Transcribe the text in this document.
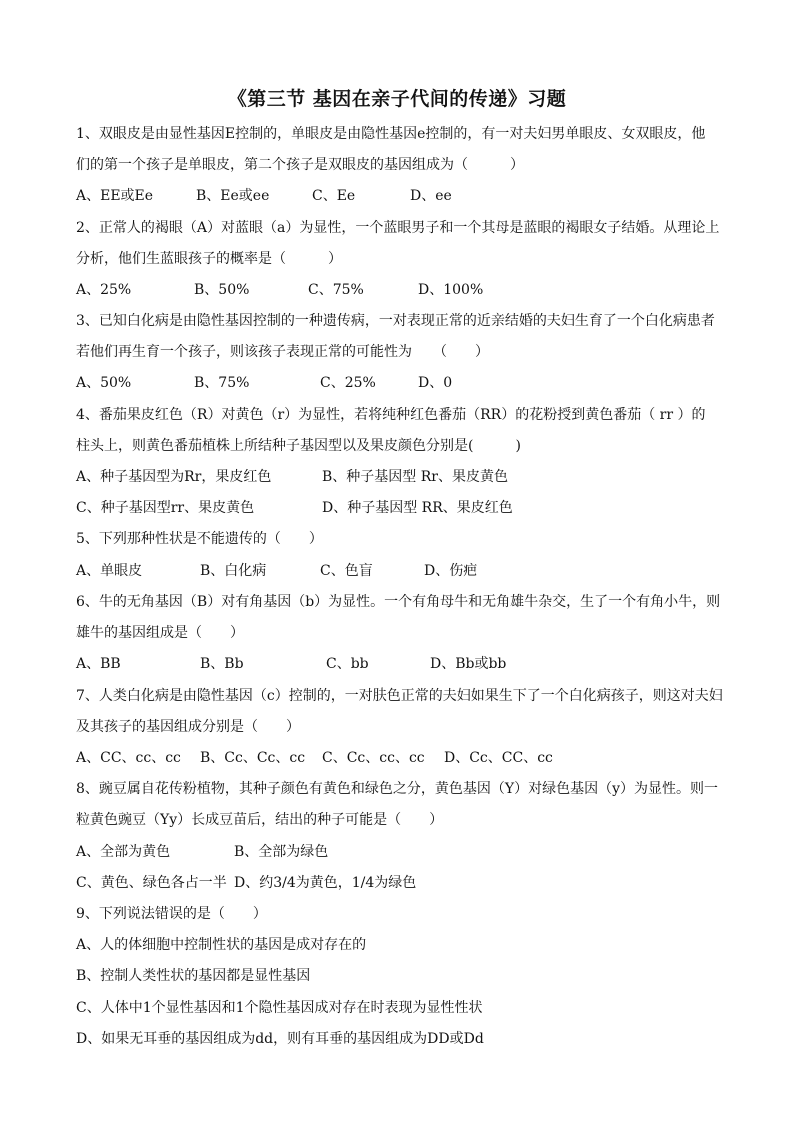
《第三节 基因在亲子代间的传递》习题
1、双眼皮是由显性基因E控制的，单眼皮是由隐性基因e控制的，有一对夫妇男单眼皮、女双眼皮，他
们的第一个孩子是单眼皮，第二个孩子是双眼皮的基因组成为（　　　）
A、EE或Ee	B、Ee或ee	C、Ee	D、ee
2、正常人的褐眼（A）对蓝眼（a）为显性，一个蓝眼男子和一个其母是蓝眼的褐眼女子结婚。从理论上
分析，他们生蓝眼孩子的概率是（　　　）
A、25%	B、50%	C、75%	D、100%
3、已知白化病是由隐性基因控制的一种遗传病，一对表现正常的近亲结婚的夫妇生育了一个白化病患者
若他们再生育一个孩子，则该孩子表现正常的可能性为　　（　　）
A、50%	B、75%	C、25%	D、0
4、番茄果皮红色（R）对黄色（r）为显性，若将纯种红色番茄（RR）的花粉授到黄色番茄（ rr ）的
柱头上，则黄色番茄植株上所结种子基因型以及果皮颜色分别是(　　　)
A、种子基因型为Rr，果皮红色	B、种子基因型 Rr、果皮黄色
C、种子基因型rr、果皮黄色	D、种子基因型 RR、果皮红色
5、下列那种性状是不能遗传的（　　）
A、单眼皮	B、白化病	C、色盲	D、伤疤
6、牛的无角基因（B）对有角基因（b）为显性。一个有角母牛和无角雄牛杂交，生了一个有角小牛，则
雄牛的基因组成是（　　）
A、BB	B、Bb	C、bb	D、Bb或bb
7、人类白化病是由隐性基因（c）控制的，一对肤色正常的夫妇如果生下了一个白化病孩子，则这对夫妇
及其孩子的基因组成分别是（　　）
A、CC、cc、cc B、Cc、Cc、cc C、Cc、cc、cc D、Cc、CC、cc
8、豌豆属自花传粉植物，其种子颜色有黄色和绿色之分，黄色基因（Y）对绿色基因（y）为显性。则一
粒黄色豌豆（Yy）长成豆苗后，结出的种子可能是（　　）
A、全部为黄色	B、全部为绿色
C、黄色、绿色各占一半 D、约3/4为黄色，1/4为绿色
9、下列说法错误的是（　　）
A、人的体细胞中控制性状的基因是成对存在的
B、控制人类性状的基因都是显性基因
C、人体中1个显性基因和1个隐性基因成对存在时表现为显性性状
D、如果无耳垂的基因组成为dd，则有耳垂的基因组成为DD或Dd
